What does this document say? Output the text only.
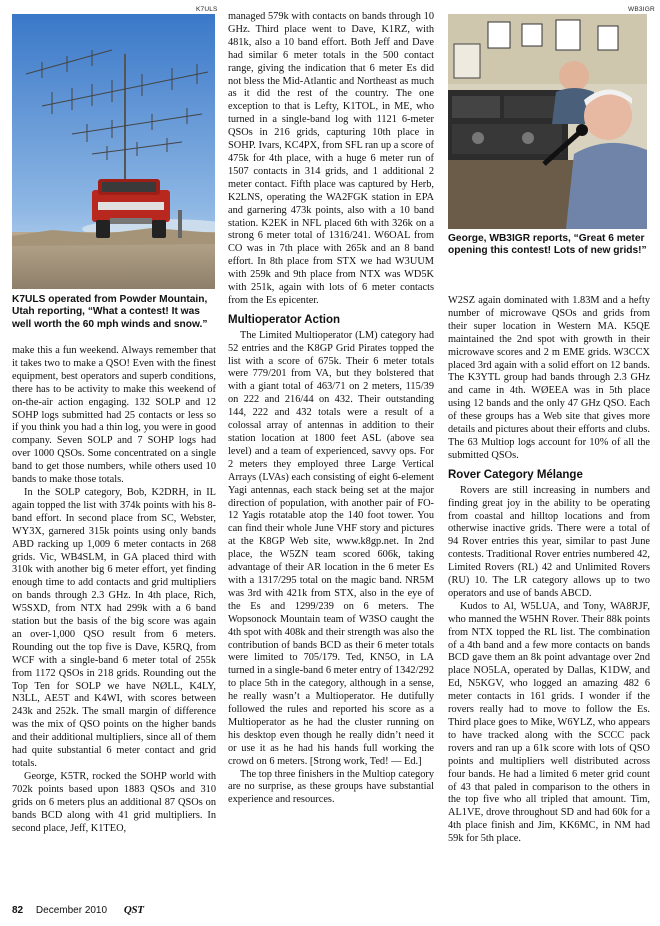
K7ULS	WB3IGR
K7ULS operated from Powder Mountain, Utah reporting, “What a contest! It was well worth the 60 mph winds and snow.”
George, WB3IGR reports, “Great 6 meter opening this contest! Lots of new grids!”

make this a fun weekend. Always remember that it takes two to make a QSO! Even with the finest equipment, best operators and superb conditions, there has to be activity to make this weekend of on-the-air action engaging. 132 SOLP and 12 SOHP logs submitted had 25 contacts or less so if you think you had a thin log, you were in good company. Seven SOLP and 7 SOHP logs had over 1000 QSOs. Some concentrated on a single band to get those numbers, while others used 10 bands to make those totals.

In the SOLP category, Bob, K2DRH, in IL again topped the list with 374k points with his 8-band effort. In second place from SC, Webster, WY3X, garnered 315k points using only bands ABD racking up 1,009 6 meter contacts in 268 grids. Vic, WB4SLM, in GA placed third with 310k with another big 6 meter effort, yet finding enough time to add contacts and grid multipliers on bands through 2.3 GHz. In 4th place, Rich, W5SXD, from NTX had 299k with a 6 band station but the basis of the big score was again an over-1,000 QSO result from 6 meters. Rounding out the top five is Dave, K5RQ, from WCF with a single-band 6 meter total of 255k from 1172 QSOs in 218 grids. Rounding out the Top Ten for SOLP we have NØLL, K4LY, N3LL, AE5T and K4WI, with scores between 243k and 252k. The small margin of difference was the mix of QSO points on the higher bands and their additional multipliers, since all of them had quite substantial 6 meter contact and grid totals.

George, K5TR, rocked the SOHP world with 702k points based upon 1883 QSOs and 310 grids on 6 meters plus an additional 87 QSOs on bands BCD along with 41 grid multipliers. In second place, Jeff, K1TEO,

managed 579k with contacts on bands through 10 GHz. Third place went to Dave, K1RZ, with 481k, also a 10 band effort. Both Jeff and Dave had similar 6 meter totals in the 500 contact range, giving the indication that 6 meter Es did not bless the Mid-Atlantic and Northeast as much as it did the rest of the country. The one exception to that is Lefty, K1TOL, in ME, who turned in a single-band log with 1121 6-meter QSOs in 216 grids, capturing 10th place in SOHP. Ivars, KC4PX, from SFL ran up a score of 475k for 4th place, with a huge 6 meter run of 1507 contacts in 314 grids, and 1 additional 2 meter contact. Fifth place was captured by Herb, K2LNS, operating the WA2FGK station in EPA and garnering 473k points, also with a 10 band station. K2EK in NFL placed 6th with 326k on a strong 6 meter total of 1316/241. W6OAL from CO was in 7th place with 265k and an 8 band effort. In 8th place from STX we had W3UUM with 259k and 9th place from NTX was WD5K with 251k, again with lots of 6 meter contacts from the Es epicenter.

Multioperator Action

The Limited Multioperator (LM) category had 52 entries and the K8GP Grid Pirates topped the list with a score of 675k. Their 6 meter totals were 779/201 from VA, but they bolstered that with a giant total of 463/71 on 2 meters, 115/39 on 222 and 216/44 on 432. Their outstanding 144, 222 and 432 totals were a result of a colossal array of antennas in addition to their station location at 1800 feet ASL (above sea level) and a team of experienced, savvy ops. For 2 meters they employed three Large Vertical Arrays (LVAs) each consisting of eight 6-element Yagi antennas, each stack being set at the major direction of population, with another pair of FO-12 Yagis rotatable atop the 140 foot tower. You can find their whole June VHF story and pictures at the K8GP Web site, www.k8gp.net. In 2nd place, the W5ZN team scored 606k, taking advantage of their AR location in the 6 meter Es with a 1317/295 total on the magic band. NR5M was 3rd with 421k from STX, also in the eye of the Es and 1299/239 on 6 meters. The Wopsonock Mountain team of W3SO caught the 4th spot with 408k and their strength was also the contribution of bands BCD as their 6 meter totals were limited to 705/179. Ted, KN5O, in LA turned in a single-band 6 meter entry of 1342/292 to place 5th in the category, although in a sense, he really wasn’t a Multioperator. He dutifully followed the rules and reported his score as a Multioperator as he had the cluster running on his desktop even though he really didn’t need it or use it as he had his hands full working the crowd on 6 meters. [Strong work, Ted! — Ed.]

The top three finishers in the Multiop category are no surprise, as these groups have substantial experience and resources.

W2SZ again dominated with 1.83M and a hefty number of microwave QSOs and grids from their super location in Western MA. K5QE maintained the 2nd spot with growth in their microwave scores and 2 m EME grids. W3CCX placed 3rd again with a solid effort on 12 bands. The K3YTL group had bands through 2.3 GHz and came in 4th. WØEEA was in 5th place using 12 bands and the only 47 GHz QSO. Each of these groups has a Web site that gives more details and pictures about their efforts and clubs. The 63 Multiop logs account for 10% of all the submitted QSOs.

Rover Category Mélange

Rovers are still increasing in numbers and finding great joy in the ability to be operating from coastal and hilltop locations and from otherwise inactive grids. There were a total of 94 Rover entries this year, similar to past June contests. Traditional Rover entries numbered 42, Limited Rovers (RL) 42 and Unlimited Rovers (RU) 10. The LR category allows up to two operators and use of bands ABCD.

Kudos to Al, W5LUA, and Tony, WA8RJF, who manned the W5HN Rover. Their 88k points from NTX topped the RL list. The combination of a 4th band and a few more contacts on bands BCD gave them an 8k point advantage over 2nd place NO5LA, operated by Dallas, K1DW, and Ed, N5KGV, who logged an amazing 482 6 meter contacts in 161 grids. I wonder if the rovers really had to move to follow the Es. Third place goes to Mike, W6YLZ, who appears to have tracked along with the SCCC pack rovers and ran up a 61k score with lots of QSO points and multipliers well distributed across four bands. He had a limited 6 meter grid count of 43 that paled in comparison to the others in the top five who all tripled that amount. Tim, AL1VE, drove throughout SD and had 60k for a 4th place finish and Jim, KK6MC, in NM had 59k for 5th place.

82 December 2010 QST
